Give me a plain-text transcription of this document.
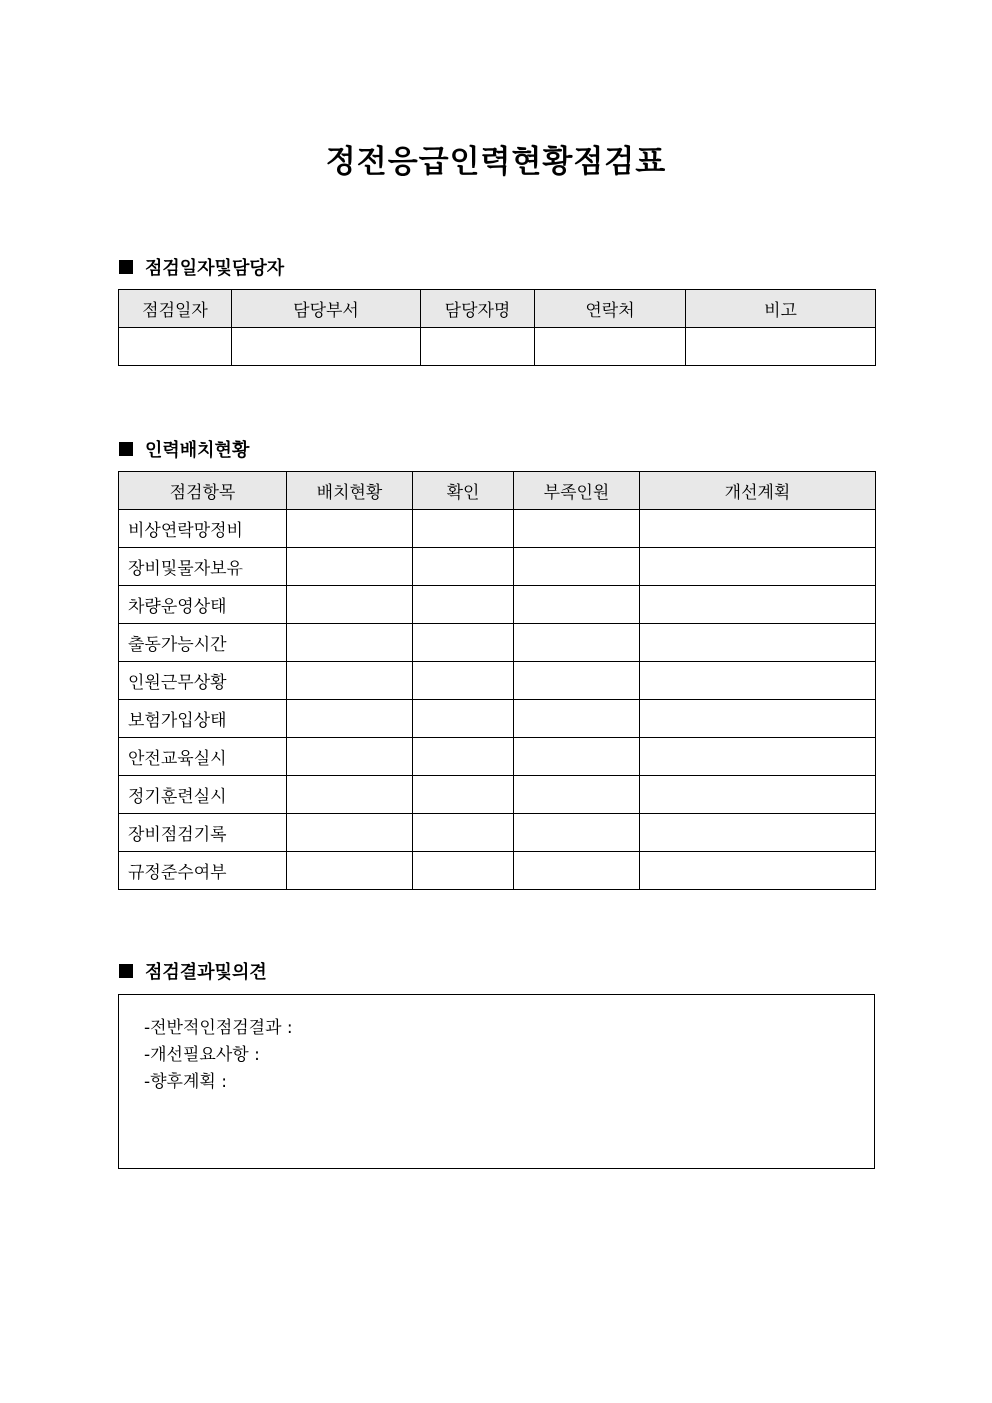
정전응급인력현황점검표
점검일자및담당자
점검일자	담당부서	담당자명	연락처	비고

인력배치현황
점검항목	배치현황	확인	부족인원	개선계획
비상연락망정비				
장비및물자보유				
차량운영상태				
출동가능시간				
인원근무상황				
보험가입상태				
안전교육실시				
정기훈련실시				
장비점검기록				
규정준수여부				
점검결과및의견
-전반적인점검결과 :
-개선필요사항 :
-향후계획 :
